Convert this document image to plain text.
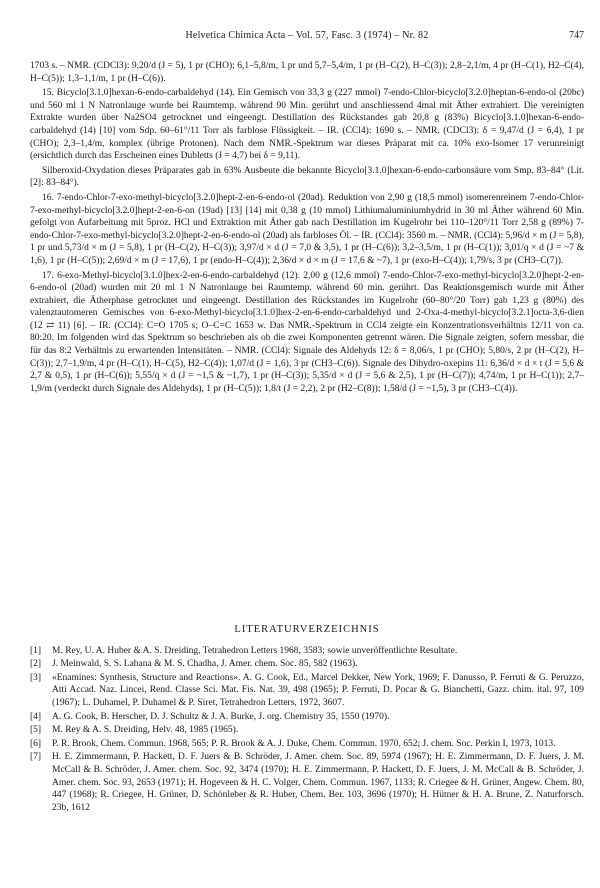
Helvetica Chimica Acta – Vol. 57, Fasc. 3 (1974) – Nr. 82	747

1703 s. – NMR. (CDCl3): 9,20/d (J = 5), 1 pr (CHO); 6,1–5,8/m, 1 pr und 5,7–5,4/m, 1 pr (H–C(2), H–C(3)); 2,8–2,1/m, 4 pr (H–C(1), H2–C(4), H–C(5)); 1,3–1,1/m, 1 pr (H–C(6)).

15. Bicyclo[3.1.0]hexan-6-endo-carbaldehyd (14). Ein Gemisch von 33,3 g (227 mmol) 7-endo-Chlor-bicyclo[3.2.0]heptan-6-endo-ol (20bc) und 560 ml 1 N Natronlauge wurde bei Raumtemp. während 90 Min. gerührt und anschliessend 4mal mit Äther extrahiert. Die vereinigten Extrakte wurden über Na2SO4 getrocknet und eingeengt. Destillation des Rückstandes gab 20,8 g (83%) Bicyclo[3.1.0]hexan-6-endo-carbaldehyd (14) [10] vom Sdp. 60–61°/11 Torr als farblose Flüssigkeit. – IR. (CCl4): 1690 s. – NMR. (CDCl3): δ = 9,47/d (J = 6,4), 1 pr (CHO); 2,3–1,4/m, komplex (übrige Protonen). Nach dem NMR.-Spektrum war dieses Präparat mit ca. 10% exo-Isomer 17 verunreinigt (ersichtlich durch das Erscheinen eines Dubletts (J = 4,7) bei δ = 9,11).

Silberoxid-Oxydation dieses Präparates gab in 63% Ausbeute die bekannte Bicyclo[3.1.0]hexan-6-endo-carbonsäure vom Smp. 83–84° (Lit. [2]: 83–84°).

16. 7-endo-Chlor-7-exo-methyl-bicyclo[3.2.0]hept-2-en-6-endo-ol (20ad). Reduktion von 2,90 g (18,5 mmol) isomerenreinem 7-endo-Chlor-7-exo-methyl-bicyclo[3.2.0]hept-2-en-6-on (19ad) [13] [14] mit 0,38 g (10 mmol) Lithiumaluminiumhydrid in 30 ml Äther während 60 Min. gefolgt von Aufarbeitung mit 5proz. HCl und Extraktion mit Äther gab nach Destillation im Kugelrohr bei 110–120°/11 Torr 2,58 g (89%) 7-endo-Chlor-7-exo-methyl-bicyclo[3.2.0]hept-2-en-6-endo-ol (20ad) als farbloses Öl. – IR. (CCl4): 3560 m. – NMR. (CCl4): 5,96/d × m (J = 5,8), 1 pr und 5,73/d × m (J = 5,8), 1 pr (H–C(2), H–C(3)); 3,97/d × d (J = 7,0 & 3,5), 1 pr (H–C(6)); 3,2–3,5/m, 1 pr (H–C(1)); 3,01/q × d (J = ~7 & 1,6), 1 pr (H–C(5)); 2,69/d × m (J = 17,6), 1 pr (endo-H–C(4)); 2,36/d × d × m (J = 17,6 & ~7), 1 pr (exo-H–C(4)); 1,79/s, 3 pr (CH3–C(7)).

17. 6-exo-Methyl-bicyclo[3.1.0]hex-2-en-6-endo-carbaldehyd (12). 2,00 g (12,6 mmol) 7-endo-Chlor-7-exo-methyl-bicyclo[3.2.0]hept-2-en-6-endo-ol (20ad) wurden mit 20 ml 1 N Natronlauge bei Raumtemp. während 60 min. gerührt. Das Reaktionsgemisch wurde mit Äther extrahiert, die Ätherphase getrocknet und eingeengt. Destillation des Rückstandes im Kugelrohr (60–80°/20 Torr) gab 1,23 g (80%) des valenztautomeren Gemisches von 6-exo-Methyl-bicyclo[3.1.0]hex-2-en-6-endo-carbaldehyd und 2-Oxa-4-methyl-bicyclo[3.2.1]octa-3,6-dien (12 ⇄ 11) [6]. – IR. (CCl4): C=O 1705 s; O–C=C 1653 w. Das NMR.-Spektrum in CCl4 zeigte ein Konzentrationsverhältnis 12/11 von ca. 80:20. Im folgenden wird das Spektrum so beschrieben als ob die zwei Komponenten getrennt wären. Die Signale zeigten, sofern messbar, die für das 8:2 Verhältnis zu erwartenden Intensitäten. – NMR. (CCl4): Signale des Aldehyds 12: δ = 8,06/s, 1 pr (CHO); 5,80/s, 2 pr (H–C(2), H–C(3)); 2,7–1,9/m, 4 pr (H–C(1), H–C(5), H2–C(4)); 1,07/d (J = 1,6), 3 pr (CH3–C(6)). Signale des Dihydro-oxepins 11: 6,36/d × d × t (J = 5,6 & 2,7 & 0,5), 1 pr (H–C(6)); 5,55/q × d (J = ~1,5 & ~1,7), 1 pr (H–C(3)); 5,35/d × d (J = 5,6 & 2,5), 1 pr (H–C(7)); 4,74/m, 1 pr H–C(1)); 2,7–1,9/m (verdeckt durch Signale des Aldehyds), 1 pr (H–C(5)); 1,8/t (J = 2,2), 2 pr (H2–C(8)); 1,58/d (J = ~1,5), 3 pr (CH3–C(4)).

LITERATURVERZEICHNIS
[1] M. Rey, U. A. Huber & A. S. Dreiding, Tetrahedron Letters 1968, 3583; sowie unveröffentlichte Resultate.
[2] J. Meinwald, S. S. Labana & M. S. Chadha, J. Amer. chem. Soc. 85, 582 (1963).
[3] «Enamines: Synthesis, Structure and Reactions». A. G. Cook, Ed., Marcel Dekker, New York, 1969; F. Danusso, P. Ferruti & G. Peruzzo, Atti Accad. Naz. Lincei, Rend. Classe Sci. Mat. Fis. Nat. 39, 498 (1965); P. Ferruti, D. Pocar & G. Bianchetti, Gazz. chim. ital. 97, 109 (1967); L. Duhamel, P. Duhamel & P. Siret, Tetrahedron Letters, 1972, 3607.
[4] A. G. Cook, B. Herscher, D. J. Schultz & J. A. Burke, J. org. Chemistry 35, 1550 (1970).
[5] M. Rey & A. S. Dreiding, Helv. 48, 1985 (1965).
[6] P. R. Brook, Chem. Commun. 1968, 565; P. R. Brook & A. J. Duke, Chem. Commun. 1970, 652; J. chem. Soc. Perkin I, 1973, 1013.
[7] H. E. Zimmermann, P. Hackett, D. F. Juers & B. Schröder, J. Amer. chem. Soc. 89, 5974 (1967); H. E. Zimmermann, D. F. Juers, J. M. McCall & B. Schröder, J. Amer. chem. Soc. 92, 3474 (1970); H. E. Zimmermann, P. Hackett, D. F. Juers, J. M. McCall & B. Schröder, J. Amer. chem. Soc. 93, 2653 (1971); H. Hogeveen & H. C. Volger, Chem. Commun. 1967, 1133; R. Criegee & H. Grüner, Angew. Chem. 80, 447 (1968); R. Criegee, H. Grüner, D. Schönleber & R. Huber, Chem. Ber. 103, 3696 (1970); H. Hütner & H. A. Brune, Z. Naturforsch. 23b, 1612
